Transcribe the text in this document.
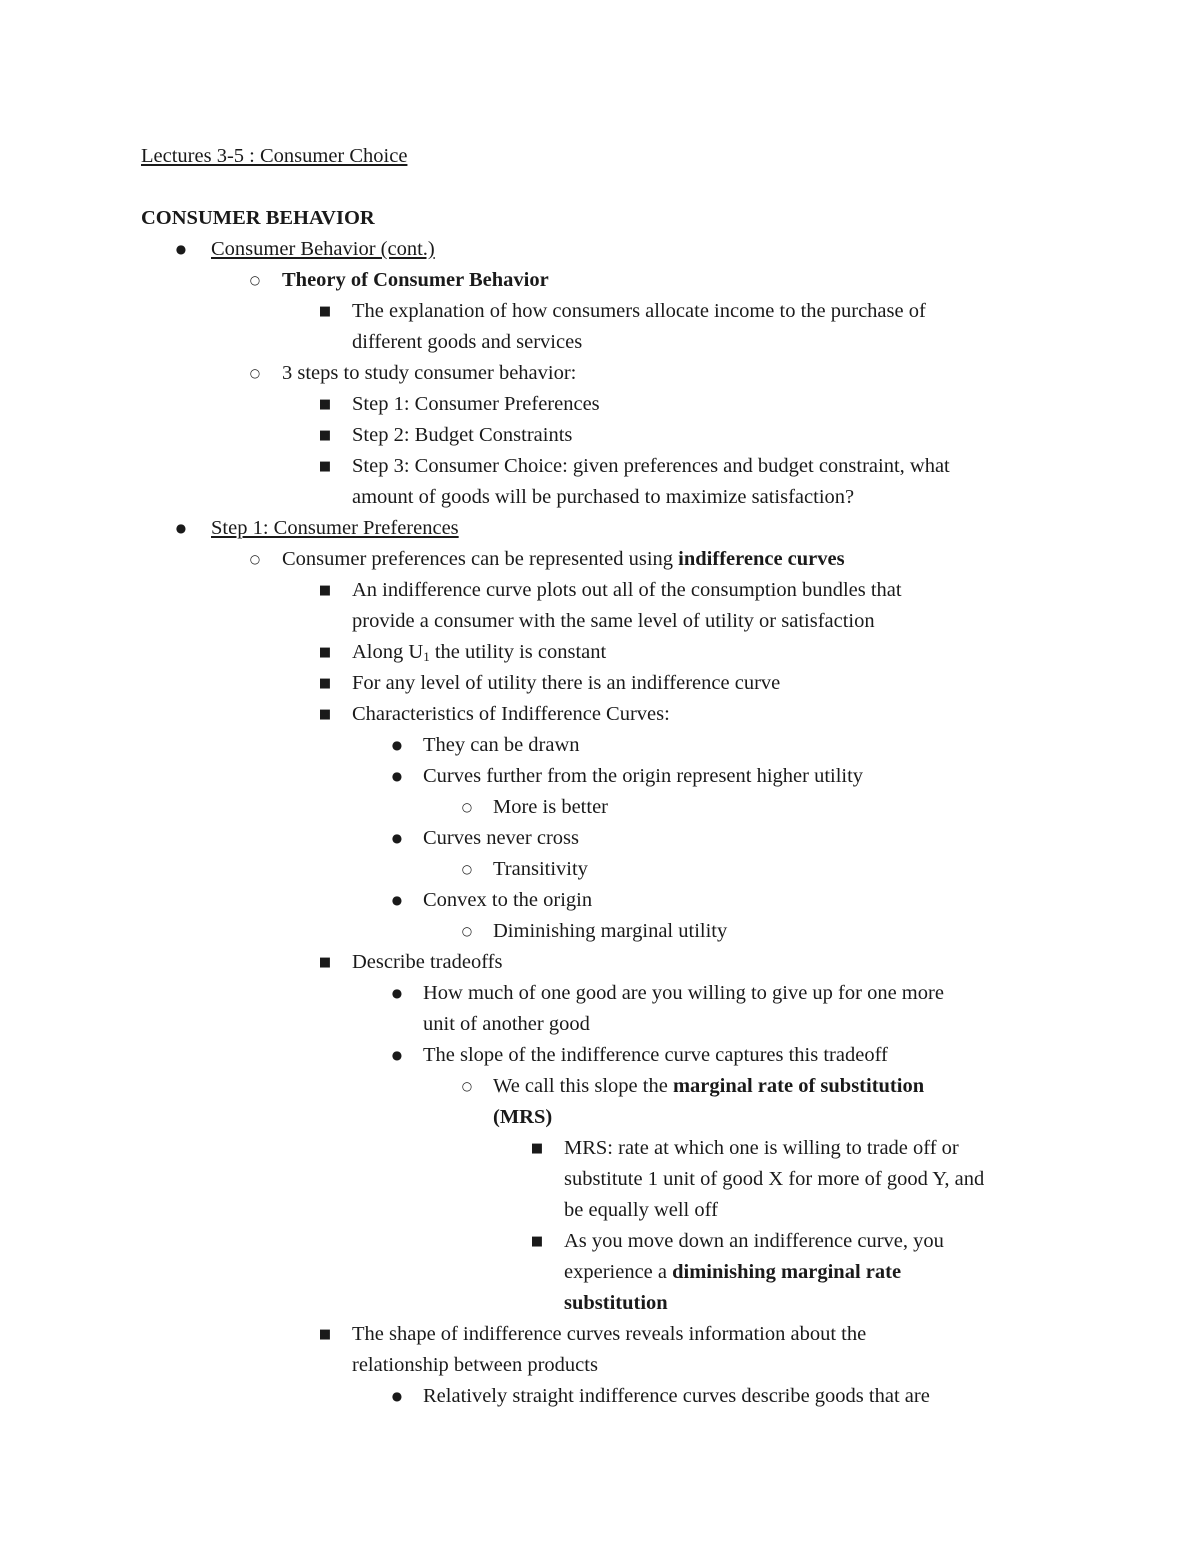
Lectures 3-5 : Consumer Choice
CONSUMER BEHAVIOR
● Consumer Behavior (cont.)
○ Theory of Consumer Behavior
■ The explanation of how consumers allocate income to the purchase of
different goods and services
○ 3 steps to study consumer behavior:
■ Step 1: Consumer Preferences
■ Step 2: Budget Constraints
■ Step 3: Consumer Choice: given preferences and budget constraint, what
amount of goods will be purchased to maximize satisfaction?
● Step 1: Consumer Preferences
○ Consumer preferences can be represented using indifference curves
■ An indifference curve plots out all of the consumption bundles that
provide a consumer with the same level of utility or satisfaction
■ Along $U_1$ the utility is constant
■ For any level of utility there is an indifference curve
■ Characteristics of Indifference Curves:
● They can be drawn
● Curves further from the origin represent higher utility
○ More is better
● Curves never cross
○ Transitivity
● Convex to the origin
○ Diminishing marginal utility
■ Describe tradeoffs
● How much of one good are you willing to give up for one more
unit of another good
● The slope of the indifference curve captures this tradeoff
○ We call this slope the marginal rate of substitution
(MRS)
■ MRS: rate at which one is willing to trade off or
substitute 1 unit of good X for more of good Y, and
be equally well off
■ As you move down an indifference curve, you
experience a diminishing marginal rate
substitution
■ The shape of indifference curves reveals information about the
relationship between products
● Relatively straight indifference curves describe goods that are
